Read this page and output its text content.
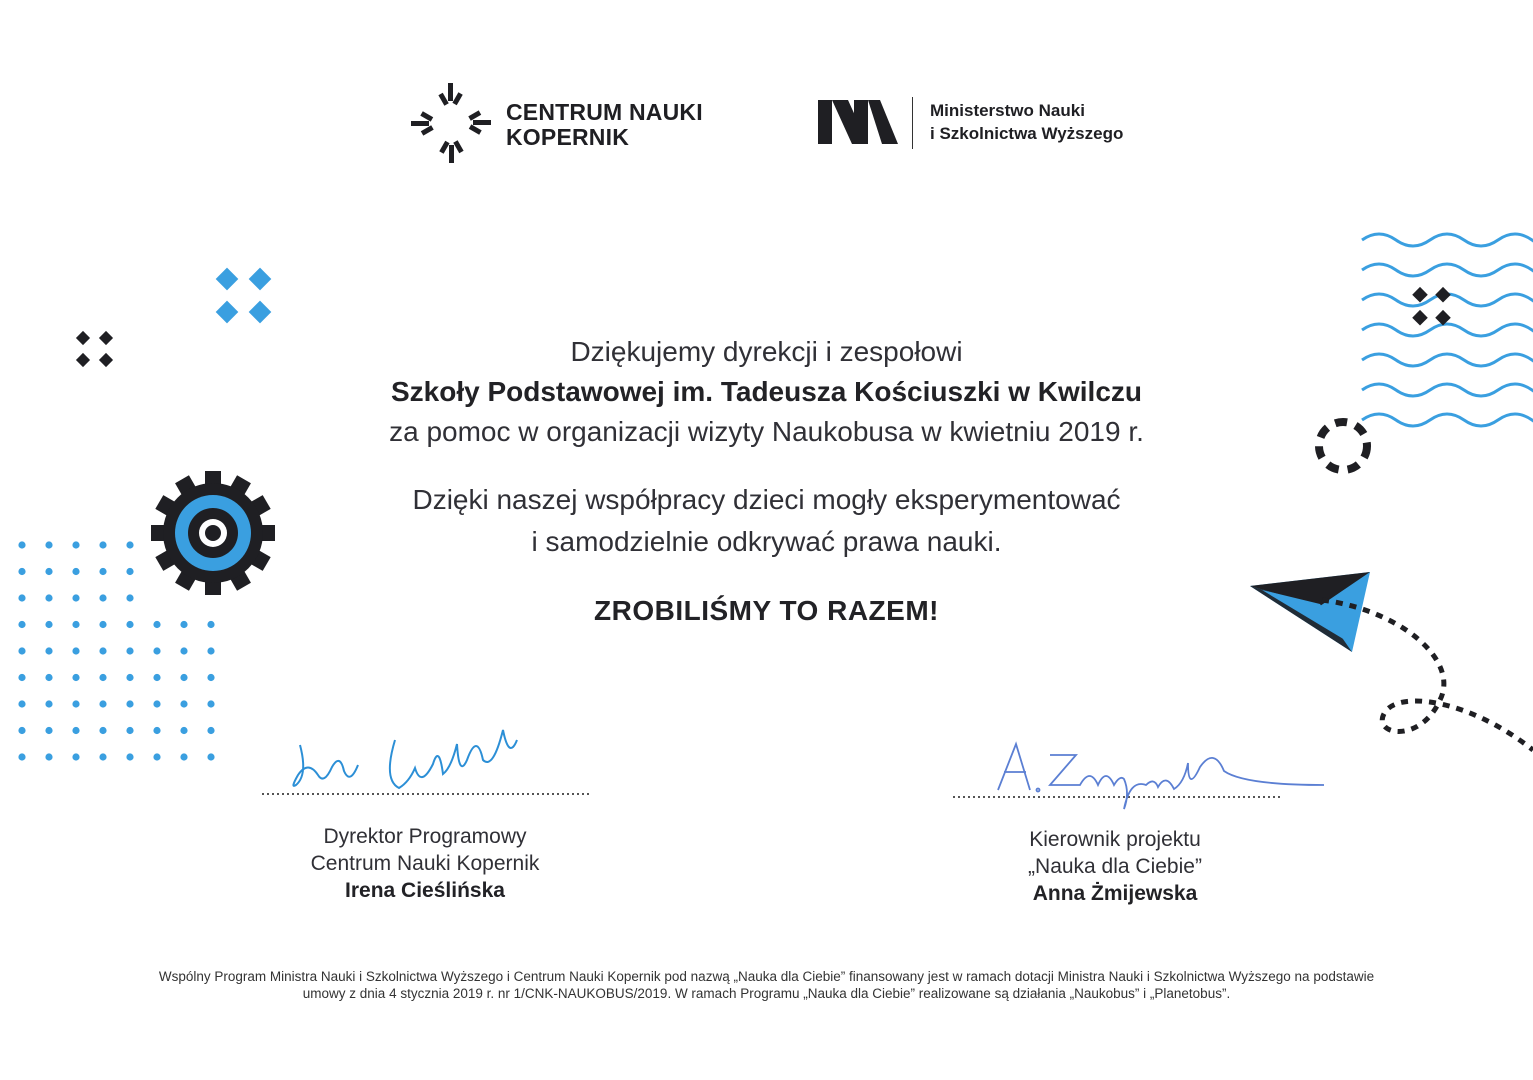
CENTRUM NAUKI
KOPERNIK
Ministerstwo Nauki
i Szkolnictwa Wyższego
Dziękujemy dyrekcji i zespołowi
Szkoły Podstawowej im. Tadeusza Kościuszki w Kwilczu
za pomoc w organizacji wizyty Naukobusa w kwietniu 2019 r.
Dzięki naszej współpracy dzieci mogły eksperymentować
i samodzielnie odkrywać prawa nauki.
ZROBILIŚMY TO RAZEM!
Dyrektor Programowy
Centrum Nauki Kopernik
Irena Cieślińska
Kierownik projektu
„Nauka dla Ciebie”
Anna Żmijewska
Wspólny Program Ministra Nauki i Szkolnictwa Wyższego i Centrum Nauki Kopernik pod nazwą „Nauka dla Ciebie” finansowany jest w ramach dotacji Ministra Nauki i Szkolnictwa Wyższego na podstawie
umowy z dnia 4 stycznia 2019 r. nr 1/CNK-NAUKOBUS/2019. W ramach Programu „Nauka dla Ciebie” realizowane są działania „Naukobus” i „Planetobus”.
